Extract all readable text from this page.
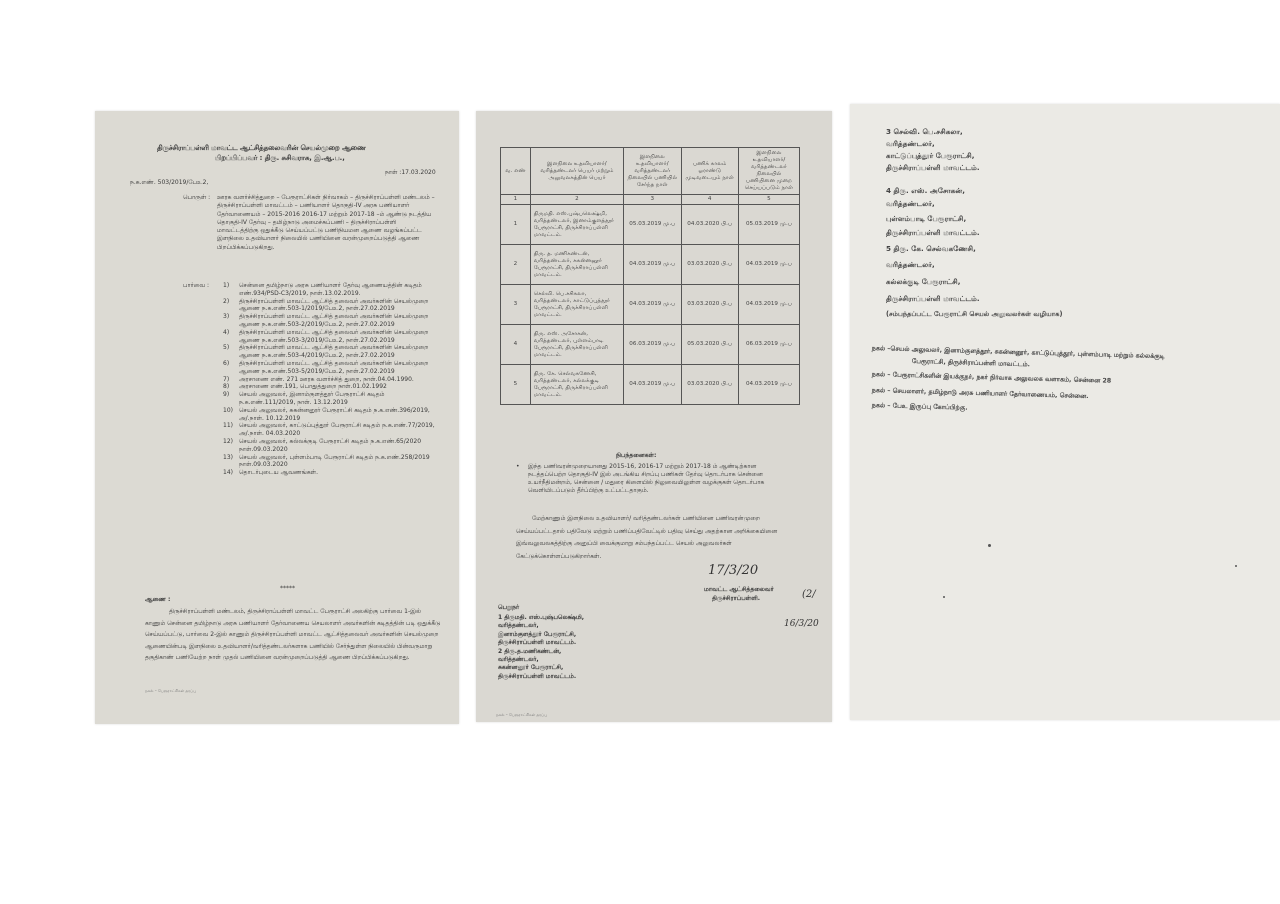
திருச்சிராப்பள்ளி மாவட்ட ஆட்சித்தலைவரின் செயல்முறை ஆணை
பிறப்பிப்பவர் : திரு. சுசிவராசு, இ.ஆ.ப.,
நாள் :17.03.2020
ந.க.எண். 503/2019/பேஉ2,
பொருள் : ஊரக வளர்ச்சித்துறை – பேரூராட்சிகள் நிர்வாகம் – திருச்சிராப்பள்ளி மண்டலம் – திருச்சிராப்பள்ளி மாவட்டம் – பணியாளர் தொகுதி-IV அரசு பணியாளர் தேர்வாணையம் – 2015-2016 2016-17 மற்றும் 2017-18 –ம் ஆண்டு நடத்திய தொகுதி-IV தேர்வு – தமிழ்நாடு அமைச்சுப்பணி – திருச்சிராப்பள்ளி மாவட்டத்திற்கு ஒதுக்கீடு செய்யப்பட்டு பணிநியமன ஆணை வழங்கப்பட்ட இளநிலை உதவியாளர் நிலையில் பணியினை வரன்முறைப்படுத்தி ஆணை பிறப்பிக்கப்படுகிறது.
பார்வை : 1) சென்னை தமிழ்நாடு அரசு பணியாளர் தேர்வு ஆணையத்தின் கடிதம் எண்.934/PSD-C3/2019, நாள்.13.02.2019.
2) திருச்சிராப்பள்ளி மாவட்ட ஆட்சித் தலைவர் அவர்களின் செயல்முறை ஆணை ந.க.எண்.503-1/2019/பேஉ2, நாள்.27.02.2019
3) திருச்சிராப்பள்ளி மாவட்ட ஆட்சித் தலைவர் அவர்களின் செயல்முறை ஆணை ந.க.எண்.503-2/2019/பேஉ2, நாள்.27.02.2019
4) திருச்சிராப்பள்ளி மாவட்ட ஆட்சித் தலைவர் அவர்களின் செயல்முறை ஆணை ந.க.எண்.503-3/2019/பேஉ2, நாள்.27.02.2019
5) திருச்சிராப்பள்ளி மாவட்ட ஆட்சித் தலைவர் அவர்களின் செயல்முறை ஆணை ந.க.எண்.503-4/2019/பேஉ2, நாள்.27.02.2019
6) திருச்சிராப்பள்ளி மாவட்ட ஆட்சித் தலைவர் அவர்களின் செயல்முறை ஆணை ந.க.எண்.503-5/2019/பேஉ2, நாள்.27.02.2019
7) அரசாணை எண். 271 ஊரக வளர்ச்சித் துறை, நாள்.04.04.1990.
8) அரசாணை எண்.191, பொதுத்துறை நாள்.01.02.1992
9) செயல் அலுவலர், இனாம்குளத்தூர் பேரூராட்சி கடிதம் ந.க.எண்.111/2019, நாள். 13.12.2019
10) செயல் அலுவலர், சுகன்னனூர் பேரூராட்சி கடிதம் ந.க.எண்.396/2019, அ/.நாள். 10.12.2019
11) செயல் அலுவலர், காட்டுப்புத்தூர் பேரூராட்சி கடிதம் ந.க.எண்.77/2019, அ/.நாள். 04.03.2020
12) செயல் அலுவலர், கல்லக்குடி பேரூராட்சி கடிதம் ந.க.எண்.65/2020 நாள்.09.03.2020
13) செயல் அலுவலர், புள்ளம்பாடி பேரூராட்சி கடிதம் ந.க.எண்.258/2019 நாள்.09.03.2020
14) தொடர்புடைய ஆவணங்கள்.
*****
ஆணை :
திருச்சிராப்பள்ளி மண்டலம், திருச்சிராப்பள்ளி மாவட்ட பேரூராட்சி அலகிற்கு பார்வை 1-இல் காணும் சென்னை தமிழ்நாடு அரசு பணியாளர் தேர்வாணைய செயலாளர் அவர்களின் கடிதத்தின் படி ஒதுக்கீடு செய்யப்பட்டு, பார்வை 2-இல் காணும் திருச்சிராப்பள்ளி மாவட்ட ஆட்சித்தலைவர் அவர்களின் செயல்முறை ஆணையின்படி இளநிலை உதவியாளர்/வரித்தண்டலர்களாக பணியில் சேர்ந்துள்ள நிலையில் பின்வருமாறு தகுதிகாண் பணியேற்ற நாள் முதல் பணியினை வரன்முறைப்படுத்தி ஆணை பிறப்பிக்கப்படுகிறது.
நகல் – பேரூராட்சிகள் தரப்பு
வ. எண்	இளநிலை உதவியாளர்/ வரித்தண்டலர் பெயர் மற்றும் அலுவலகத்தின் பெயர்	இளநிலை உதவியாளர்/ வரித்தண்டலர் நிலையில் பணியில் சேர்ந்த நாள்	பணிக் காலம் ஓராண்டு முடிவடையும் நாள்	இளநிலை உதவியாளர்/ வரித்தண்டலர் நிலையில் பணியினை முறை செய்யப்படும் நாள்
1	2	3	4	5
1	திருமதி. எஸ்.புஷ்பலெக்ஷ்மி, வரித்தண்டலர், இனாம்குளத்தூர் பேரூராட்சி, திருச்சிராப்பள்ளி மாவட்டம்.	05.03.2019 மு.ப	04.03.2020 பி.ப	05.03.2019 மு.ப
2	திரு. த. மணிகண்டன், வரித்தண்டலர், சுகன்னனூர் பேரூராட்சி, திருச்சிராப்பள்ளி மாவட்டம்.	04.03.2019 மு.ப	03.03.2020 பி.ப	04.03.2019 மு.ப
3	செல்வி. பெ.சசிகலா, வரித்தண்டலர், காட்டுப்புத்தூர் பேரூராட்சி, திருச்சிராப்பள்ளி மாவட்டம்.	04.03.2019 மு.ப	03.03.2020 பி.ப	04.03.2019 மு.ப
4	திரு. எஸ். அசோகன், வரித்தண்டலர், புள்ளம்பாடி பேரூராட்சி, திருச்சிராப்பள்ளி மாவட்டம்.	06.03.2019 மு.ப	05.03.2020 பி.ப	06.03.2019 மு.ப
5	திரு. கே. செல்வகணேசி, வரித்தண்டலர், கல்லக்குடி பேரூராட்சி, திருச்சிராப்பள்ளி மாவட்டம்.	04.03.2019 மு.ப	03.03.2020 பி.ப	04.03.2019 மு.ப
நிபந்தனைகள்:
• இந்த பணிவரன்முறையானது 2015-16, 2016-17 மற்றும் 2017-18 ம் ஆண்டிற்கான நடத்தப்பெற்ற தொகுதி-IV இல் அடங்கிய சிறப்பு பணிகள் தேர்வு தொடர்பாக சென்னை உயர்நீதிமன்றம், சென்னை / மதுரை கிளையில் நிலுவையிலுள்ள வழக்குகள் தொடர்பாக வெளியிடப்படும் தீர்ப்பிற்கு உட்பட்டதாகும்.
மேற்காணும் இளநிலை உதவியாளர்/ வரித்தண்டலர்கள் பணியினை பணிவரன்முறை செய்யப்பட்டதால் பதிவேடு மற்றும் பணிப்பதிவேட்டில் பதிவு செய்து அதற்கான அறிக்கையினை இவ்வலுவலகத்திற்கு அனுப்பி வைக்குமாறு சம்பந்தப்பட்ட செயல் அலுவலர்கள் கேட்டுக்கொள்ளப்படுகிறார்கள்.
17/3/20
மாவட்ட ஆட்சித்தலைவர்
திருச்சிராப்பள்ளி.	(2/
16/3/20
பெறுநர்
1 திருமதி. எஸ்.புஷ்பலெக்ஷ்மி,
வரித்தண்டலர்,
இனாம்குளத்தூர் பேரூராட்சி,
திருச்சிராப்பள்ளி மாவட்டம்.
2 திரு.த.மணிகண்டன்,
வரித்தண்டலர்,
சுகன்னனூர் பேரூராட்சி,
திருச்சிராப்பள்ளி மாவட்டம்.
நகல் – பேரூராட்சிகள் தரப்பு
3 செல்வி. பெ.சசிகலா,
வரித்தண்டலர்,
காட்டுப்புத்தூர் பேரூராட்சி,
திருச்சிராப்பள்ளி மாவட்டம்.
4 திரு. எஸ். அசோகன்,
வரித்தண்டலர்,
புள்ளம்பாடி பேரூராட்சி,
திருச்சிராப்பள்ளி மாவட்டம்.
5 திரு. கே. செல்வகணேசி,
வரித்தண்டலர்,
கல்லக்குடி பேரூராட்சி,
திருச்சிராப்பள்ளி மாவட்டம்.
(சம்பந்தப்பட்ட பேரூராட்சி செயல் அலுவலர்கள் வழியாக)
நகல் –செயல் அலுவலர், இனாம்குளத்தூர், சுகன்னனூர், காட்டுப்புத்தூர், புள்ளம்பாடி மற்றும் கல்லக்குடி
பேரூராட்சி, திருச்சிராப்பள்ளி மாவட்டம்.
நகல் – பேரூராட்சிகளின் இயக்குநர், நகர் நிர்வாக அலுவலக வளாகம், சென்னை 28
நகல் – செயலாளர், தமிழ்நாடு அரசு பணியாளர் தேர்வாணையம், சென்னை.
நகல் – பேஉ இருப்பு கோப்பிற்கு.
